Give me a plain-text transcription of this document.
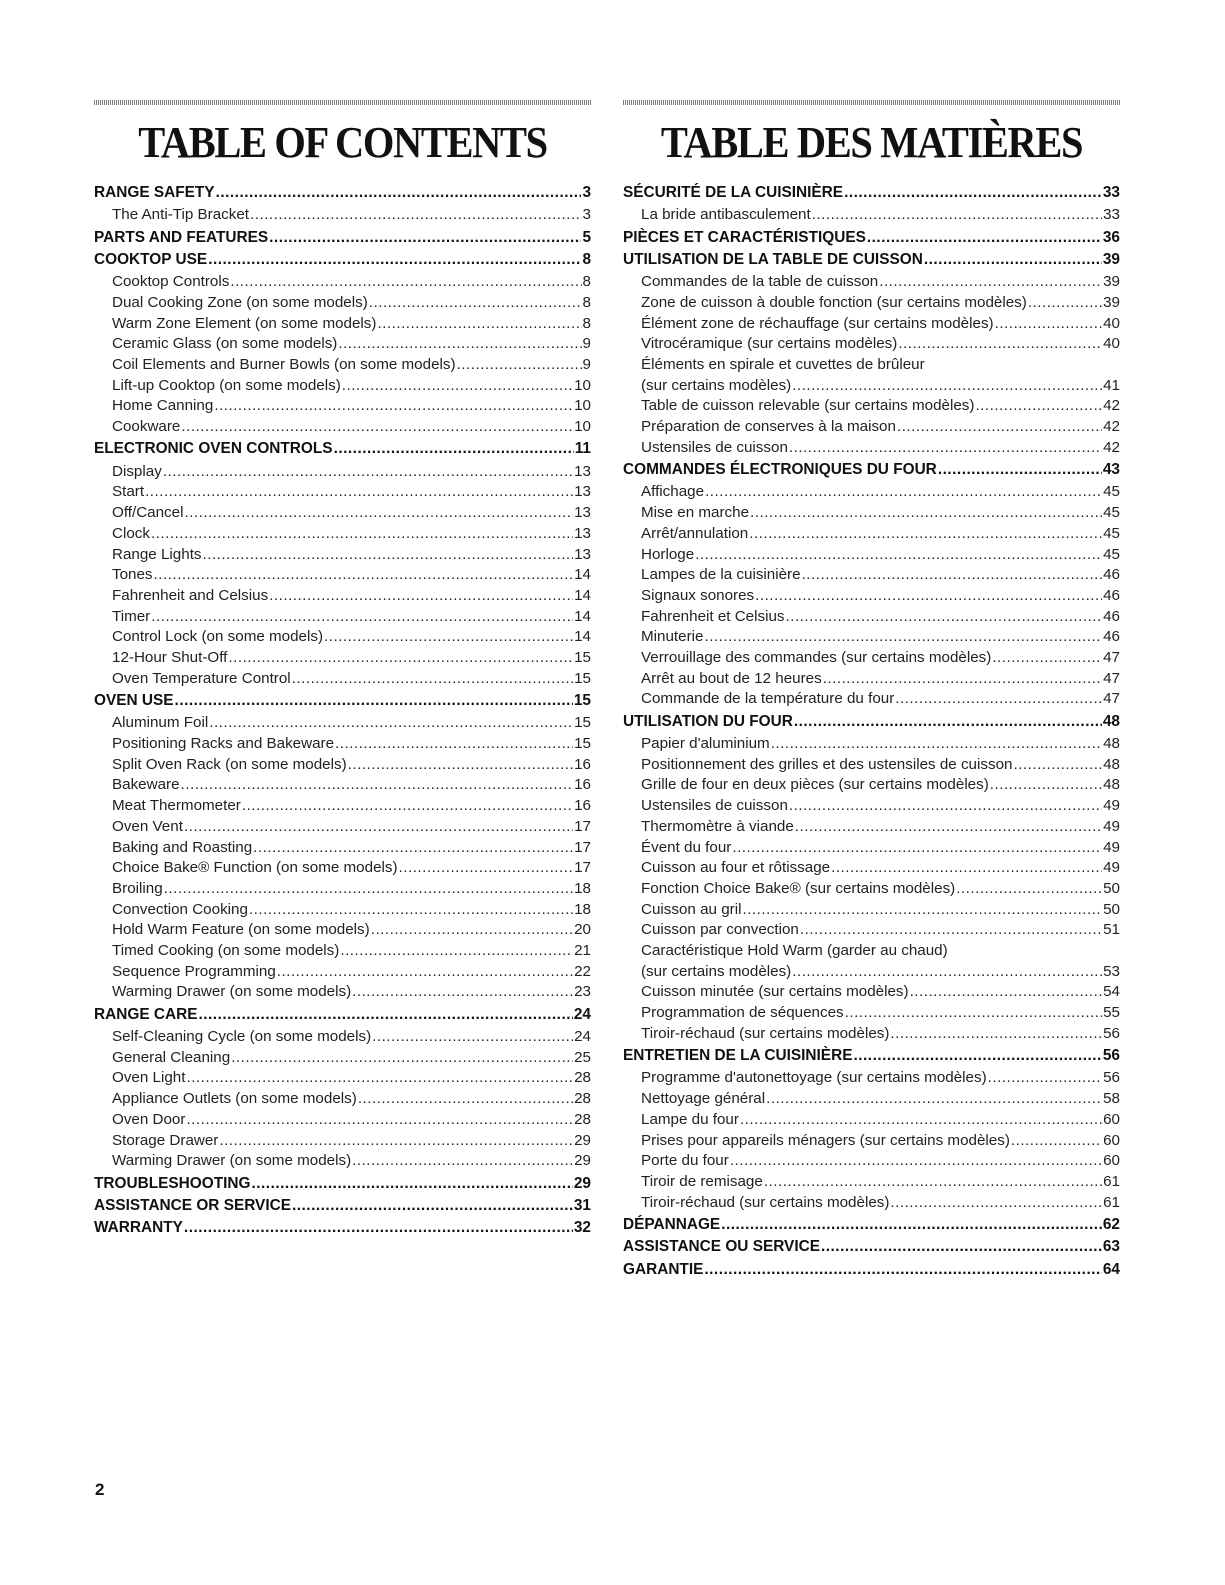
TABLE OF CONTENTS
RANGE SAFETY .....	3
The Anti-Tip Bracket .....	3
PARTS AND FEATURES .....	5
COOKTOP USE .....	8
Cooktop Controls .....	8
Dual Cooking Zone (on some models) .....	8
Warm Zone Element (on some models) .....	8
Ceramic Glass (on some models) .....	9
Coil Elements and Burner Bowls (on some models) .....	9
Lift-up Cooktop (on some models) .....	10
Home Canning .....	10
Cookware .....	10
ELECTRONIC OVEN CONTROLS .....	11
Display .....	13
Start .....	13
Off/Cancel .....	13
Clock .....	13
Range Lights .....	13
Tones .....	14
Fahrenheit and Celsius .....	14
Timer .....	14
Control Lock (on some models) .....	14
12-Hour Shut-Off .....	15
Oven Temperature Control .....	15
OVEN USE .....	15
Aluminum Foil .....	15
Positioning Racks and Bakeware .....	15
Split Oven Rack (on some models) .....	16
Bakeware .....	16
Meat Thermometer .....	16
Oven Vent .....	17
Baking and Roasting .....	17
Choice Bake® Function (on some models) .....	17
Broiling .....	18
Convection Cooking .....	18
Hold Warm Feature (on some models) .....	20
Timed Cooking (on some models) .....	21
Sequence Programming .....	22
Warming Drawer (on some models) .....	23
RANGE CARE .....	24
Self-Cleaning Cycle (on some models) .....	24
General Cleaning .....	25
Oven Light .....	28
Appliance Outlets (on some models) .....	28
Oven Door .....	28
Storage Drawer .....	29
Warming Drawer (on some models) .....	29
TROUBLESHOOTING .....	29
ASSISTANCE OR SERVICE .....	31
WARRANTY .....	32
TABLE DES MATIÈRES
SÉCURITÉ DE LA CUISINIÈRE .....	33
La bride antibasculement .....	33
PIÈCES ET CARACTÉRISTIQUES .....	36
UTILISATION DE LA TABLE DE CUISSON .....	39
Commandes de la table de cuisson .....	39
Zone de cuisson à double fonction (sur certains modèles) .....	39
Élément zone de réchauffage (sur certains modèles) .....	40
Vitrocéramique (sur certains modèles) .....	40
Éléments en spirale et cuvettes de brûleur
(sur certains modèles) .....	41
Table de cuisson relevable (sur certains modèles) .....	42
Préparation de conserves à la maison .....	42
Ustensiles de cuisson .....	42
COMMANDES ÉLECTRONIQUES DU FOUR .....	43
Affichage .....	45
Mise en marche .....	45
Arrêt/annulation .....	45
Horloge .....	45
Lampes de la cuisinière .....	46
Signaux sonores .....	46
Fahrenheit et Celsius .....	46
Minuterie .....	46
Verrouillage des commandes (sur certains modèles) .....	47
Arrêt au bout de 12 heures .....	47
Commande de la température du four .....	47
UTILISATION DU FOUR .....	48
Papier d'aluminium .....	48
Positionnement des grilles et des ustensiles de cuisson .....	48
Grille de four en deux pièces (sur certains modèles) .....	48
Ustensiles de cuisson .....	49
Thermomètre à viande .....	49
Évent du four .....	49
Cuisson au four et rôtissage .....	49
Fonction Choice Bake® (sur certains modèles) .....	50
Cuisson au gril .....	50
Cuisson par convection .....	51
Caractéristique Hold Warm (garder au chaud)
(sur certains modèles) .....	53
Cuisson minutée (sur certains modèles) .....	54
Programmation de séquences .....	55
Tiroir-réchaud (sur certains modèles) .....	56
ENTRETIEN DE LA CUISINIÈRE .....	56
Programme d'autonettoyage (sur certains modèles) .....	56
Nettoyage général .....	58
Lampe du four .....	60
Prises pour appareils ménagers (sur certains modèles) .....	60
Porte du four .....	60
Tiroir de remisage .....	61
Tiroir-réchaud (sur certains modèles) .....	61
DÉPANNAGE .....	62
ASSISTANCE OU SERVICE .....	63
GARANTIE .....	64
2
